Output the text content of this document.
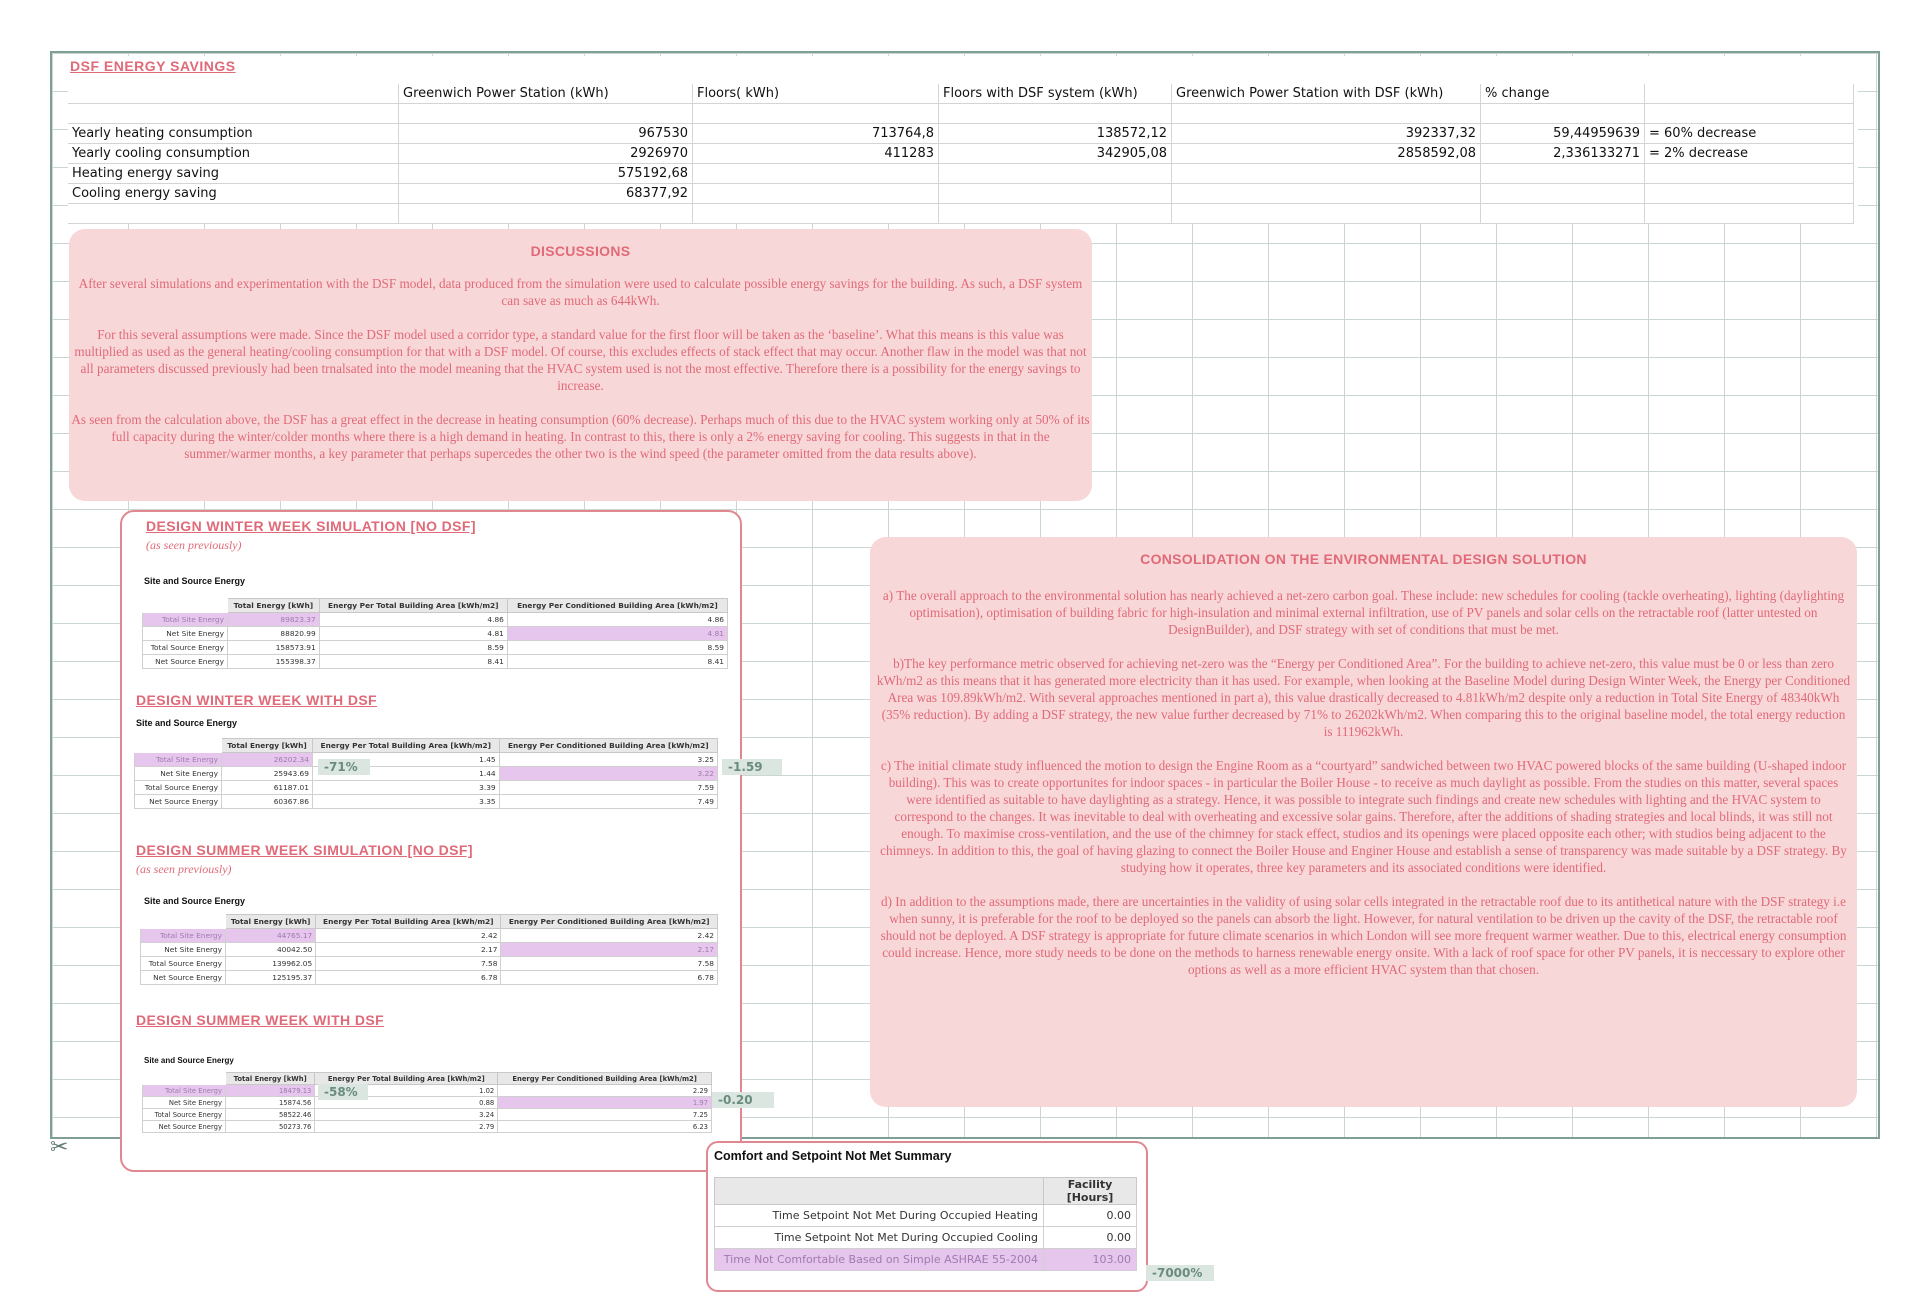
✂
DSF ENERGY SAVINGS
	Greenwich Power Station (kWh)	Floors( kWh)	Floors with DSF system (kWh)	Greenwich Power Station with DSF (kWh)	% change	

Yearly heating consumption	967530	713764,8	138572,12	392337,32	59,44959639	= 60% decrease
Yearly cooling consumption	2926970	411283	342905,08	2858592,08	2,336133271	= 2% decrease
Heating energy saving	575192,68					
Cooling energy saving	68377,92					

DISCUSSIONS

After several simulations and experimentation with the DSF model, data produced from the simulation were used to calculate possible energy savings for the building. As such, a DSF system can save as much as 644kWh.

For this several assumptions were made. Since the DSF model used a corridor type, a standard value for the first floor will be taken as the ‘baseline’. What this means is this value was multiplied as used as the general heating/cooling consumption for that with a DSF model. Of course, this excludes effects of stack effect that may occur. Another flaw in the model was that not all parameters discussed previously had been trnalsated into the model meaning that the HVAC system used is not the most effective. Therefore there is a possibility for the energy savings to increase.

As seen from the calculation above, the DSF has a great effect in the decrease in heating consumption (60% decrease). Perhaps much of this due to the HVAC system working only at 50% of its full capacity during the winter/colder months where there is a high demand in heating. In contrast to this, there is only a 2% energy saving for cooling. This suggests in that in the summer/warmer months, a key parameter that perhaps supercedes the other two is the wind speed (the parameter omitted from the data results above).

DESIGN WINTER WEEK SIMULATION [NO DSF]
(as seen previously)
Site and Source Energy
	Total Energy [kWh]	Energy Per Total Building Area [kWh/m2]	Energy Per Conditioned Building Area [kWh/m2]
Total Site Energy	89823.37	4.86	4.86
Net Site Energy	88820.99	4.81	4.81
Total Source Energy	158573.91	8.59	8.59
Net Source Energy	155398.37	8.41	8.41
DESIGN WINTER WEEK WITH DSF
Site and Source Energy
	Total Energy [kWh]	Energy Per Total Building Area [kWh/m2]	Energy Per Conditioned Building Area [kWh/m2]
Total Site Energy	26202.34	1.45	3.25
Net Site Energy	25943.69	1.44	3.22
Total Source Energy	61187.01	3.39	7.59
Net Source Energy	60367.86	3.35	7.49
-71%
DESIGN SUMMER WEEK SIMULATION [NO DSF]
(as seen previously)
Site and Source Energy
	Total Energy [kWh]	Energy Per Total Building Area [kWh/m2]	Energy Per Conditioned Building Area [kWh/m2]
Total Site Energy	44765.17	2.42	2.42
Net Site Energy	40042.50	2.17	2.17
Total Source Energy	139962.05	7.58	7.58
Net Source Energy	125195.37	6.78	6.78
DESIGN SUMMER WEEK WITH DSF
Site and Source Energy
	Total Energy [kWh]	Energy Per Total Building Area [kWh/m2]	Energy Per Conditioned Building Area [kWh/m2]
Total Site Energy	18479.13	1.02	2.29
Net Site Energy	15874.56	0.88	1.97
Total Source Energy	58522.46	3.24	7.25
Net Source Energy	50273.76	2.79	6.23
-58%
-1.59
-0.20
CONSOLIDATION ON THE ENVIRONMENTAL DESIGN SOLUTION

a) The overall approach to the environmental solution has nearly achieved a net-zero carbon goal. These include: new schedules for cooling (tackle overheating), lighting (daylighting optimisation), optimisation of building fabric for high-insulation and minimal external infiltration, use of PV panels and solar cells on the retractable roof (latter untested on DesignBuilder), and DSF strategy with set of conditions that must be met.

b)The key performance metric observed for achieving net-zero was the “Energy per Conditioned Area”. For the building to achieve net-zero, this value must be 0 or less than zero kWh/m2 as this means that it has generated more electricity than it has used. For example, when looking at the Baseline Model during Design Winter Week, the Energy per Conditioned Area was 109.89kWh/m2. With several approaches mentioned in part a), this value drastically decreased to 4.81kWh/m2 despite only a reduction in Total Site Energy of 48340kWh (35% reduction). By adding a DSF strategy, the new value further decreased by 71% to 26202kWh/m2. When comparing this to the original baseline model, the total energy reduction is 111962kWh.

c) The initial climate study influenced the motion to design the Engine Room as a “courtyard” sandwiched between two HVAC powered blocks of the same building (U-shaped indoor building). This was to create opportunites for indoor spaces - in particular the Boiler House - to receive as much daylight as possible. From the studies on this matter, several spaces were identified as suitable to have daylighting as a strategy. Hence, it was possible to integrate such findings and create new schedules with lighting and the HVAC system to correspond to the changes. It was inevitable to deal with overheating and excessive solar gains. Therefore, after the additions of shading strategies and local blinds, it was still not enough. To maximise cross-ventilation, and the use of the chimney for stack effect, studios and its openings were placed opposite each other; with studios being adjacent to the chimneys. In addition to this, the goal of having glazing to connect the Boiler House and Enginer House and establish a sense of transparency was made suitable by a DSF strategy. By studying how it operates, three key parameters and its associated conditions were identified.

d) In addition to the assumptions made, there are uncertainties in the validity of using solar cells integrated in the retractable roof due to its antithetical nature with the DSF strategy i.e when sunny, it is preferable for the roof to be deployed so the panels can absorb the light. However, for natural ventilation to be driven up the cavity of the DSF, the retractable roof should not be deployed. A DSF strategy is appropriate for future climate scenarios in which London will see more frequent warmer weather. Due to this, electrical energy consumption could increase. Hence, more study needs to be done on the methods to harness renewable energy onsite. With a lack of roof space for other PV panels, it is neccessary to explore other options as well as a more efficient HVAC system than that chosen.

Comfort and Setpoint Not Met Summary
	Facility [Hours]
Time Setpoint Not Met During Occupied Heating	0.00
Time Setpoint Not Met During Occupied Cooling	0.00
Time Not Comfortable Based on Simple ASHRAE 55-2004	103.00
-7000%
